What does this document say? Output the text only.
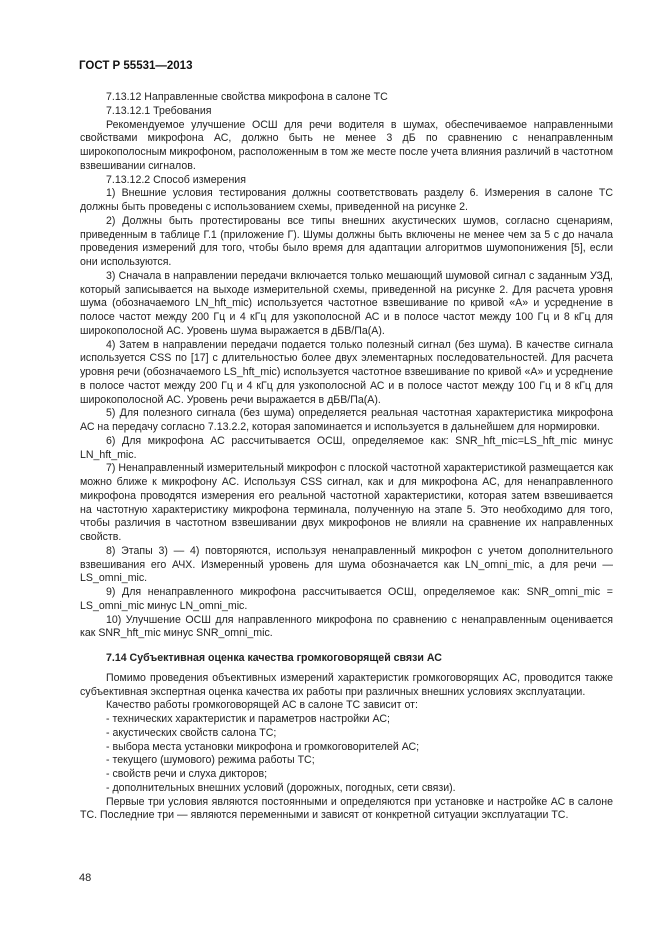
ГОСТ Р 55531—2013

7.13.12 Направленные свойства микрофона в салоне ТС

7.13.12.1 Требования

Рекомендуемое улучшение ОСШ для речи водителя в шумах, обеспечиваемое направленными свойствами микрофона АС, должно быть не менее 3 дБ по сравнению с ненаправленным широкополосным микрофоном, расположенным в том же месте после учета влияния различий в частотном взвешивании сигналов.

7.13.12.2 Способ измерения

1) Внешние условия тестирования должны соответствовать разделу 6. Измерения в салоне ТС должны быть проведены с использованием схемы, приведенной на рисунке 2.

2) Должны быть протестированы все типы внешних акустических шумов, согласно сценариям, приведенным в таблице Г.1 (приложение Г). Шумы должны быть включены не менее чем за 5 с до начала проведения измерений для того, чтобы было время для адаптации алгоритмов шумопонижения [5], если они используются.

3) Сначала в направлении передачи включается только мешающий шумовой сигнал с заданным УЗД, который записывается на выходе измерительной схемы, приведенной на рисунке 2. Для расчета уровня шума (обозначаемого LN_hft_mic) используется частотное взвешивание по кривой «А» и усреднение в полосе частот между 200 Гц и 4 кГц для узкополосной АС и в полосе частот между 100 Гц и 8 кГц для широкополосной АС. Уровень шума выражается в дБВ/Па(А).

4) Затем в направлении передачи подается только полезный сигнал (без шума). В качестве сигнала используется CSS по [17] с длительностью более двух элементарных последовательностей. Для расчета уровня речи (обозначаемого LS_hft_mic) используется частотное взвешивание по кривой «А» и усреднение в полосе частот между 200 Гц и 4 кГц для узкополосной АС и в полосе частот между 100 Гц и 8 кГц для широкополосной АС. Уровень речи выражается в дБВ/Па(А).

5) Для полезного сигнала (без шума) определяется реальная частотная характеристика микрофона АС на передачу согласно 7.13.2.2, которая запоминается и используется в дальнейшем для нормировки.

6) Для микрофона АС рассчитывается ОСШ, определяемое как: SNR_hft_mic=LS_hft_mic минус LN_hft_mic.

7) Ненаправленный измерительный микрофон с плоской частотной характеристикой размещается как можно ближе к микрофону АС. Используя CSS сигнал, как и для микрофона АС, для ненаправленного микрофона проводятся измерения его реальной частотной характеристики, которая затем взвешивается на частотную характеристику микрофона терминала, полученную на этапе 5. Это необходимо для того, чтобы различия в частотном взвешивании двух микрофонов не влияли на сравнение их направленных свойств.

8) Этапы 3) — 4) повторяются, используя ненаправленный микрофон с учетом дополнительного взвешивания его АЧХ. Измеренный уровень для шума обозначается как LN_omni_mic, а для речи — LS_omni_mic.

9) Для ненаправленного микрофона рассчитывается ОСШ, определяемое как: SNR_omni_mic = LS_omni_mic минус LN_omni_mic.

10) Улучшение ОСШ для направленного микрофона по сравнению с ненаправленным оценивается как SNR_hft_mic минус SNR_omni_mic.

7.14 Субъективная оценка качества громкоговорящей связи АС

Помимо проведения объективных измерений характеристик громкоговорящих АС, проводится также субъективная экспертная оценка качества их работы при различных внешних условиях эксплуатации.

Качество работы громкоговорящей АС в салоне ТС зависит от:

- технических характеристик и параметров настройки АС;
- акустических свойств салона ТС;
- выбора места установки микрофона и громкоговорителей АС;
- текущего (шумового) режима работы ТС;
- свойств речи и слуха дикторов;
- дополнительных внешних условий (дорожных, погодных, сети связи).

Первые три условия являются постоянными и определяются при установке и настройке АС в салоне ТС. Последние три — являются переменными и зависят от конкретной ситуации эксплуатации ТС.

48
